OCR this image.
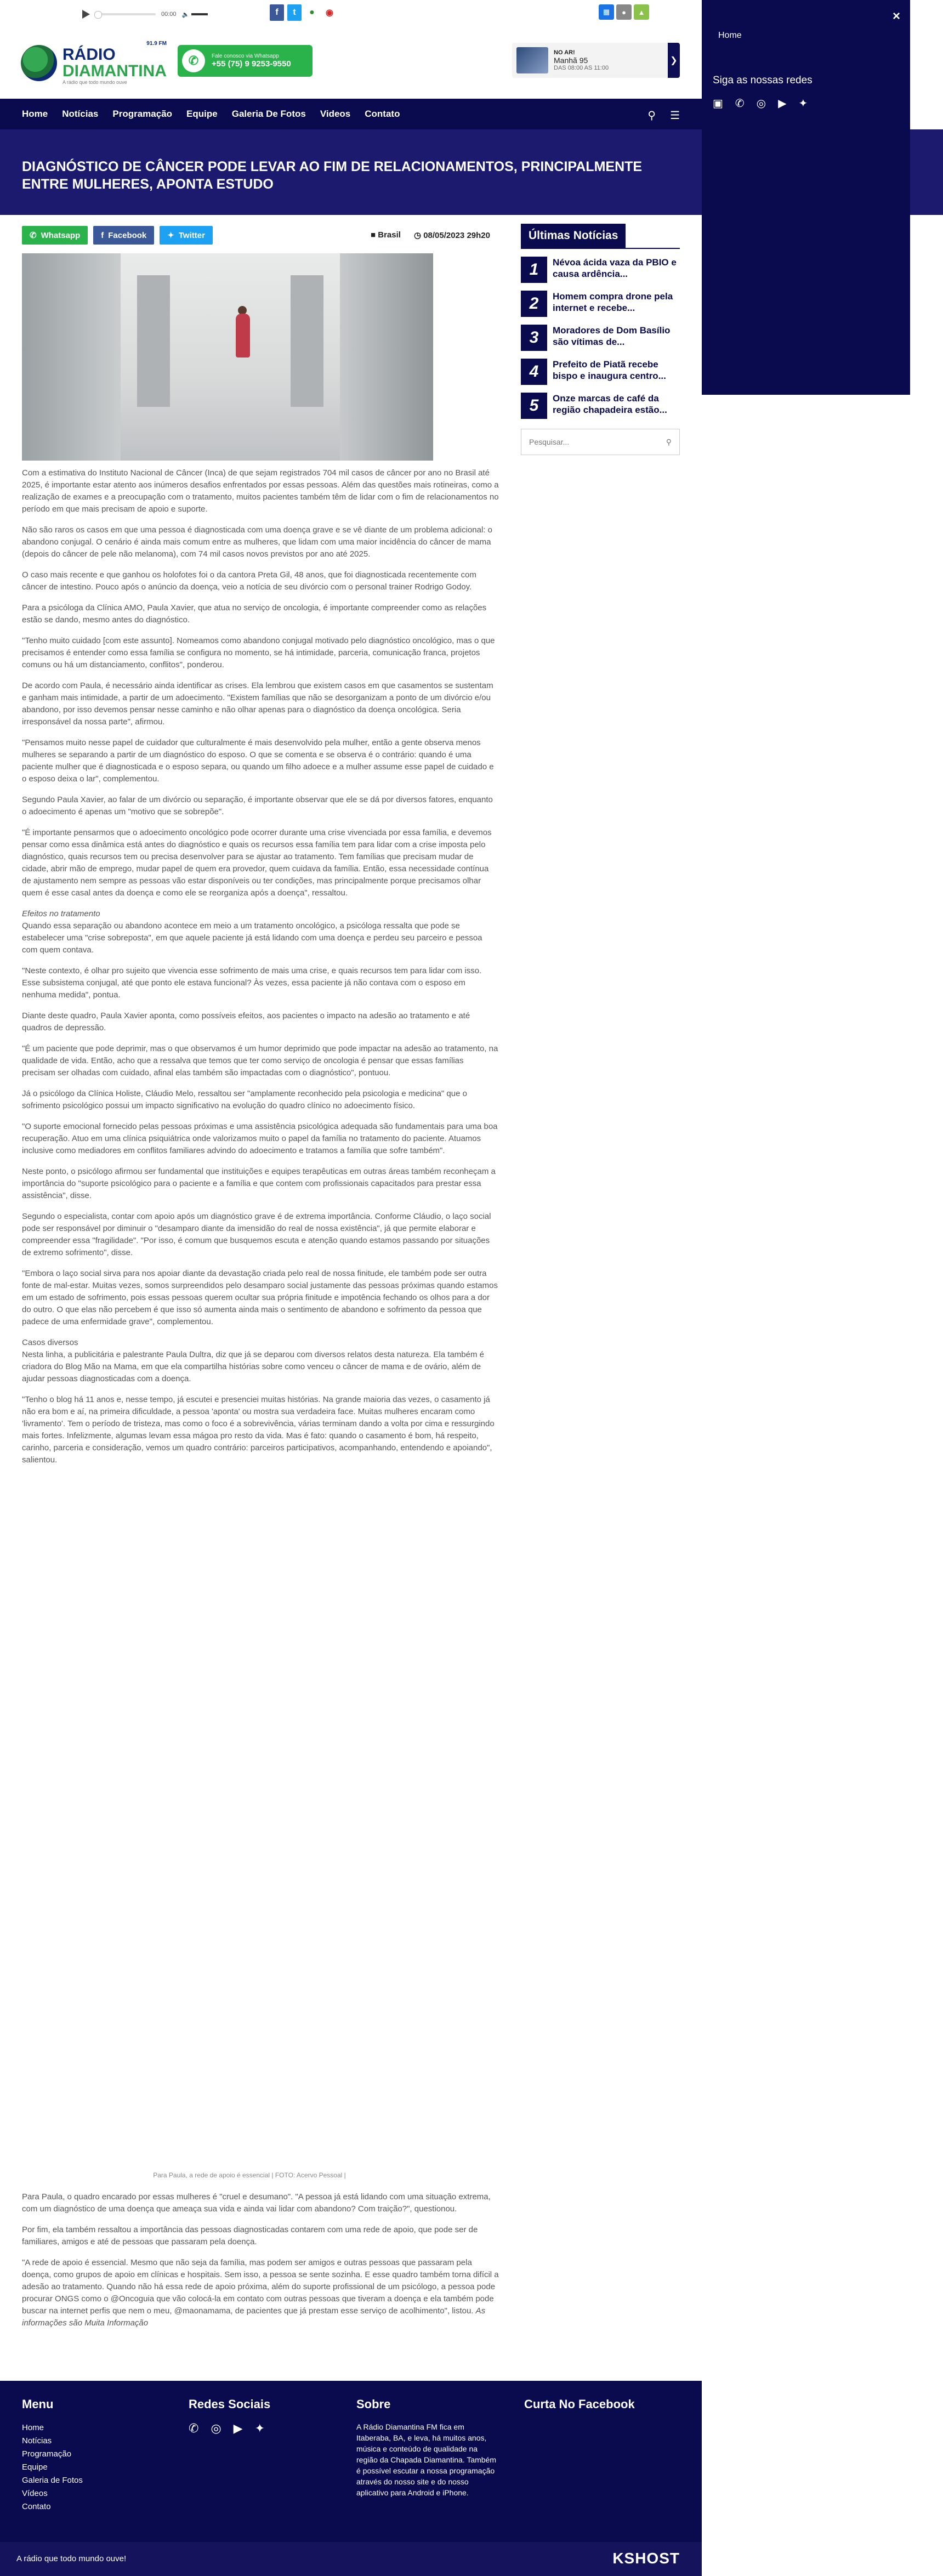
00:00 🔈	f	t	●	◉	▦	●	▲
91.9 FM
RÁDIO
DIAMANTINA
A rádio que todo mundo ouve
✆	Fale conosco via Whatsapp
+55 (75) 9 9253-9550
NO AR!
Manhã 95
DAS 08:00 AS 11:00
❯
Home Notícias Programação Equipe Galeria De Fotos Videos Contato	⚲ ☰
DIAGNÓSTICO DE CÂNCER PODE LEVAR AO FIM DE RELACIONAMENTOS, PRINCIPALMENTE ENTRE MULHERES, APONTA ESTUDO
✆ Whatsapp	f Facebook	✦ Twitter	■ Brasil ◷ 08/05/2023 29h20

Com a estimativa do Instituto Nacional de Câncer (Inca) de que sejam registrados 704 mil casos de câncer por ano no Brasil até 2025, é importante estar atento aos inúmeros desafios enfrentados por essas pessoas. Além das questões mais rotineiras, como a realização de exames e a preocupação com o tratamento, muitos pacientes também têm de lidar com o fim de relacionamentos no período em que mais precisam de apoio e suporte.

Não são raros os casos em que uma pessoa é diagnosticada com uma doença grave e se vê diante de um problema adicional: o abandono conjugal. O cenário é ainda mais comum entre as mulheres, que lidam com uma maior incidência do câncer de mama (depois do câncer de pele não melanoma), com 74 mil casos novos previstos por ano até 2025.

O caso mais recente e que ganhou os holofotes foi o da cantora Preta Gil, 48 anos, que foi diagnosticada recentemente com câncer de intestino. Pouco após o anúncio da doença, veio a notícia de seu divórcio com o personal trainer Rodrigo Godoy.

Para a psicóloga da Clínica AMO, Paula Xavier, que atua no serviço de oncologia, é importante compreender como as relações estão se dando, mesmo antes do diagnóstico.

"Tenho muito cuidado [com este assunto]. Nomeamos como abandono conjugal motivado pelo diagnóstico oncológico, mas o que precisamos é entender como essa família se configura no momento, se há intimidade, parceria, comunicação franca, projetos comuns ou há um distanciamento, conflitos", ponderou.

De acordo com Paula, é necessário ainda identificar as crises. Ela lembrou que existem casos em que casamentos se sustentam e ganham mais intimidade, a partir de um adoecimento. "Existem famílias que não se desorganizam a ponto de um divórcio e/ou abandono, por isso devemos pensar nesse caminho e não olhar apenas para o diagnóstico da doença oncológica. Seria irresponsável da nossa parte", afirmou.

"Pensamos muito nesse papel de cuidador que culturalmente é mais desenvolvido pela mulher, então a gente observa menos mulheres se separando a partir de um diagnóstico do esposo. O que se comenta e se observa é o contrário: quando é uma paciente mulher que é diagnosticada e o esposo separa, ou quando um filho adoece e a mulher assume esse papel de cuidado e o esposo deixa o lar", complementou.

Segundo Paula Xavier, ao falar de um divórcio ou separação, é importante observar que ele se dá por diversos fatores, enquanto o adoecimento é apenas um "motivo que se sobrepõe".

"É importante pensarmos que o adoecimento oncológico pode ocorrer durante uma crise vivenciada por essa família, e devemos pensar como essa dinâmica está antes do diagnóstico e quais os recursos essa família tem para lidar com a crise imposta pelo diagnóstico, quais recursos tem ou precisa desenvolver para se ajustar ao tratamento. Tem famílias que precisam mudar de cidade, abrir mão de emprego, mudar papel de quem era provedor, quem cuidava da família. Então, essa necessidade contínua de ajustamento nem sempre as pessoas vão estar disponíveis ou ter condições, mas principalmente porque precisamos olhar quem é esse casal antes da doença e como ele se reorganiza após a doença", ressaltou.

Efeitos no tratamento

Quando essa separação ou abandono acontece em meio a um tratamento oncológico, a psicóloga ressalta que pode se estabelecer uma "crise sobreposta", em que aquele paciente já está lidando com uma doença e perdeu seu parceiro e pessoa com quem contava.

"Neste contexto, é olhar pro sujeito que vivencia esse sofrimento de mais uma crise, e quais recursos tem para lidar com isso. Esse subsistema conjugal, até que ponto ele estava funcional? Às vezes, essa paciente já não contava com o esposo em nenhuma medida", pontua.

Diante deste quadro, Paula Xavier aponta, como possíveis efeitos, aos pacientes o impacto na adesão ao tratamento e até quadros de depressão.

"É um paciente que pode deprimir, mas o que observamos é um humor deprimido que pode impactar na adesão ao tratamento, na qualidade de vida. Então, acho que a ressalva que temos que ter como serviço de oncologia é pensar que essas famílias precisam ser olhadas com cuidado, afinal elas também são impactadas com o diagnóstico", pontuou.

Já o psicólogo da Clínica Holiste, Cláudio Melo, ressaltou ser "amplamente reconhecido pela psicologia e medicina" que o sofrimento psicológico possui um impacto significativo na evolução do quadro clínico no adoecimento físico.

"O suporte emocional fornecido pelas pessoas próximas e uma assistência psicológica adequada são fundamentais para uma boa recuperação. Atuo em uma clínica psiquiátrica onde valorizamos muito o papel da família no tratamento do paciente. Atuamos inclusive como mediadores em conflitos familiares advindo do adoecimento e tratamos a família que sofre também".

Neste ponto, o psicólogo afirmou ser fundamental que instituições e equipes terapêuticas em outras áreas também reconheçam a importância do "suporte psicológico para o paciente e a família e que contem com profissionais capacitados para prestar essa assistência", disse.

Segundo o especialista, contar com apoio após um diagnóstico grave é de extrema importância. Conforme Cláudio, o laço social pode ser responsável por diminuir o "desamparo diante da imensidão do real de nossa existência", já que permite elaborar e compreender essa "fragilidade". "Por isso, é comum que busquemos escuta e atenção quando estamos passando por situações de extremo sofrimento", disse.

"Embora o laço social sirva para nos apoiar diante da devastação criada pelo real de nossa finitude, ele também pode ser outra fonte de mal-estar. Muitas vezes, somos surpreendidos pelo desamparo social justamente das pessoas próximas quando estamos em um estado de sofrimento, pois essas pessoas querem ocultar sua própria finitude e impotência fechando os olhos para a dor do outro. O que elas não percebem é que isso só aumenta ainda mais o sentimento de abandono e sofrimento da pessoa que padece de uma enfermidade grave", complementou.

Casos diversos

Nesta linha, a publicitária e palestrante Paula Dultra, diz que já se deparou com diversos relatos desta natureza. Ela também é criadora do Blog Mão na Mama, em que ela compartilha histórias sobre como venceu o câncer de mama e de ovário, além de ajudar pessoas diagnosticadas com a doença.

"Tenho o blog há 11 anos e, nesse tempo, já escutei e presenciei muitas histórias. Na grande maioria das vezes, o casamento já não era bom e aí, na primeira dificuldade, a pessoa 'aponta' ou mostra sua verdadeira face. Muitas mulheres encaram como 'livramento'. Tem o período de tristeza, mas como o foco é a sobrevivência, várias terminam dando a volta por cima e ressurgindo mais fortes. Infelizmente, algumas levam essa mágoa pro resto da vida. Mas é fato: quando o casamento é bom, há respeito, carinho, parceria e consideração, vemos um quadro contrário: parceiros participativos, acompanhando, entendendo e apoiando", salientou.

Para Paula, a rede de apoio é essencial | FOTO: Acervo Pessoal |

Para Paula, o quadro encarado por essas mulheres é "cruel e desumano". "A pessoa já está lidando com uma situação extrema, com um diagnóstico de uma doença que ameaça sua vida e ainda vai lidar com abandono? Com traição?", questionou.

Por fim, ela também ressaltou a importância das pessoas diagnosticadas contarem com uma rede de apoio, que pode ser de familiares, amigos e até de pessoas que passaram pela doença.

"A rede de apoio é essencial. Mesmo que não seja da família, mas podem ser amigos e outras pessoas que passaram pela doença, como grupos de apoio em clínicas e hospitais. Sem isso, a pessoa se sente sozinha. E esse quadro também torna difícil a adesão ao tratamento. Quando não há essa rede de apoio próxima, além do suporte profissional de um psicólogo, a pessoa pode procurar ONGS como o @Oncoguia que vão colocá-la em contato com outras pessoas que tiveram a doença e ela também pode buscar na internet perfis que nem o meu, @maonamama, de pacientes que já prestam esse serviço de acolhimento", listou. As informações são Muita Informação

Últimas Notícias
1	Névoa ácida vaza da PBIO e causa ardência...
2	Homem compra drone pela internet e recebe...
3	Moradores de Dom Basílio são vítimas de...
4	Prefeito de Piatã recebe bispo e inaugura centro...
5	Onze marcas de café da região chapadeira estão...
Pesquisar...	⚲
×
Home
Siga as nossas redes
▣ ✆ ◎ ▶ ✦
Menu
Home
Notícias
Programação
Equipe
Galeria de Fotos
Vídeos
Contato
Redes Sociais
✆ ◎ ▶ ✦
Sobre
A Rádio Diamantina FM fica em Itaberaba, BA, e leva, há muitos anos, música e conteúdo de qualidade na região da Chapada Diamantina. Também é possível escutar a nossa programação através do nosso site e do nosso aplicativo para Android e iPhone.
Curta No Facebook
A rádio que todo mundo ouve!	KSHOST
